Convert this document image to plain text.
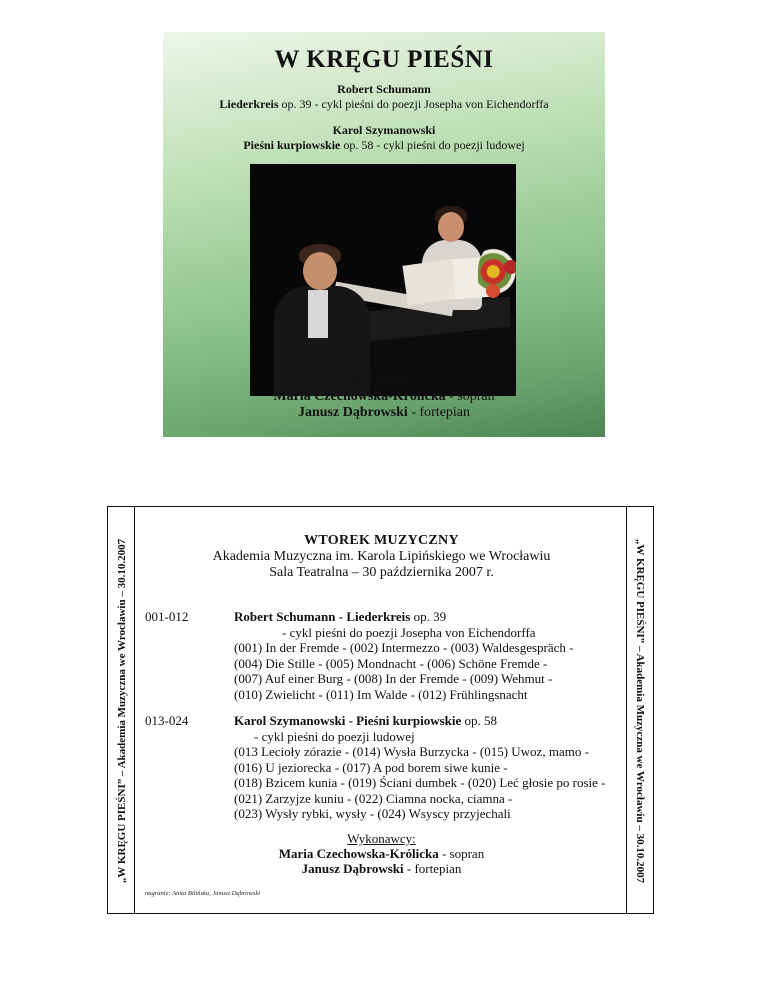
W KRĘGU PIEŚNI
Robert Schumann
Liederkreis op. 39 - cykl pieśni do poezji Josepha von Eichendorffa
Karol Szymanowski
Pieśni kurpiowskie op. 58 - cykl pieśni do poezji ludowej
Wykonawcy
Maria Czechowska-Królicka - sopran
Janusz Dąbrowski - fortepian
„W KRĘGU PIEŚNI” – Akademia Muzyczna we Wrocławiu – 30.10.2007	„W KRĘGU PIEŚNI” – Akademia Muzyczna we Wrocławiu – 30.10.2007
WTOREK MUZYCZNY
Akademia Muzyczna im. Karola Lipińskiego we Wrocławiu
Sala Teatralna – 30 października 2007 r.
001-012	Robert Schumann - Liederkreis op. 39
- cykl pieśni do poezji Josepha von Eichendorffa
(001) In der Fremde - (002) Intermezzo - (003) Waldesgespräch -
(004) Die Stille - (005) Mondnacht - (006) Schöne Fremde -
(007) Auf einer Burg - (008) In der Fremde - (009) Wehmut -
(010) Zwielicht - (011) Im Walde - (012) Frühlingsnacht
013-024	Karol Szymanowski - Pieśni kurpiowskie op. 58
- cykl pieśni do poezji ludowej
(013 Lecioły zórazie - (014) Wysła Burzycka - (015) Uwoz, mamo -
(016) U jeziorecka - (017) A pod borem siwe kunie -
(018) Bzicem kunia - (019) Ściani dumbek - (020) Leć głosie po rosie -
(021) Zarzyjze kuniu - (022) Ciamna nocka, ciamna -
(023) Wysły rybki, wysły - (024) Wsyscy przyjechali
Wykonawcy:
Maria Czechowska-Królicka - sopran
Janusz Dąbrowski - fortepian
nagranie: Anita Bilińska, Janusz Dąbrowski
